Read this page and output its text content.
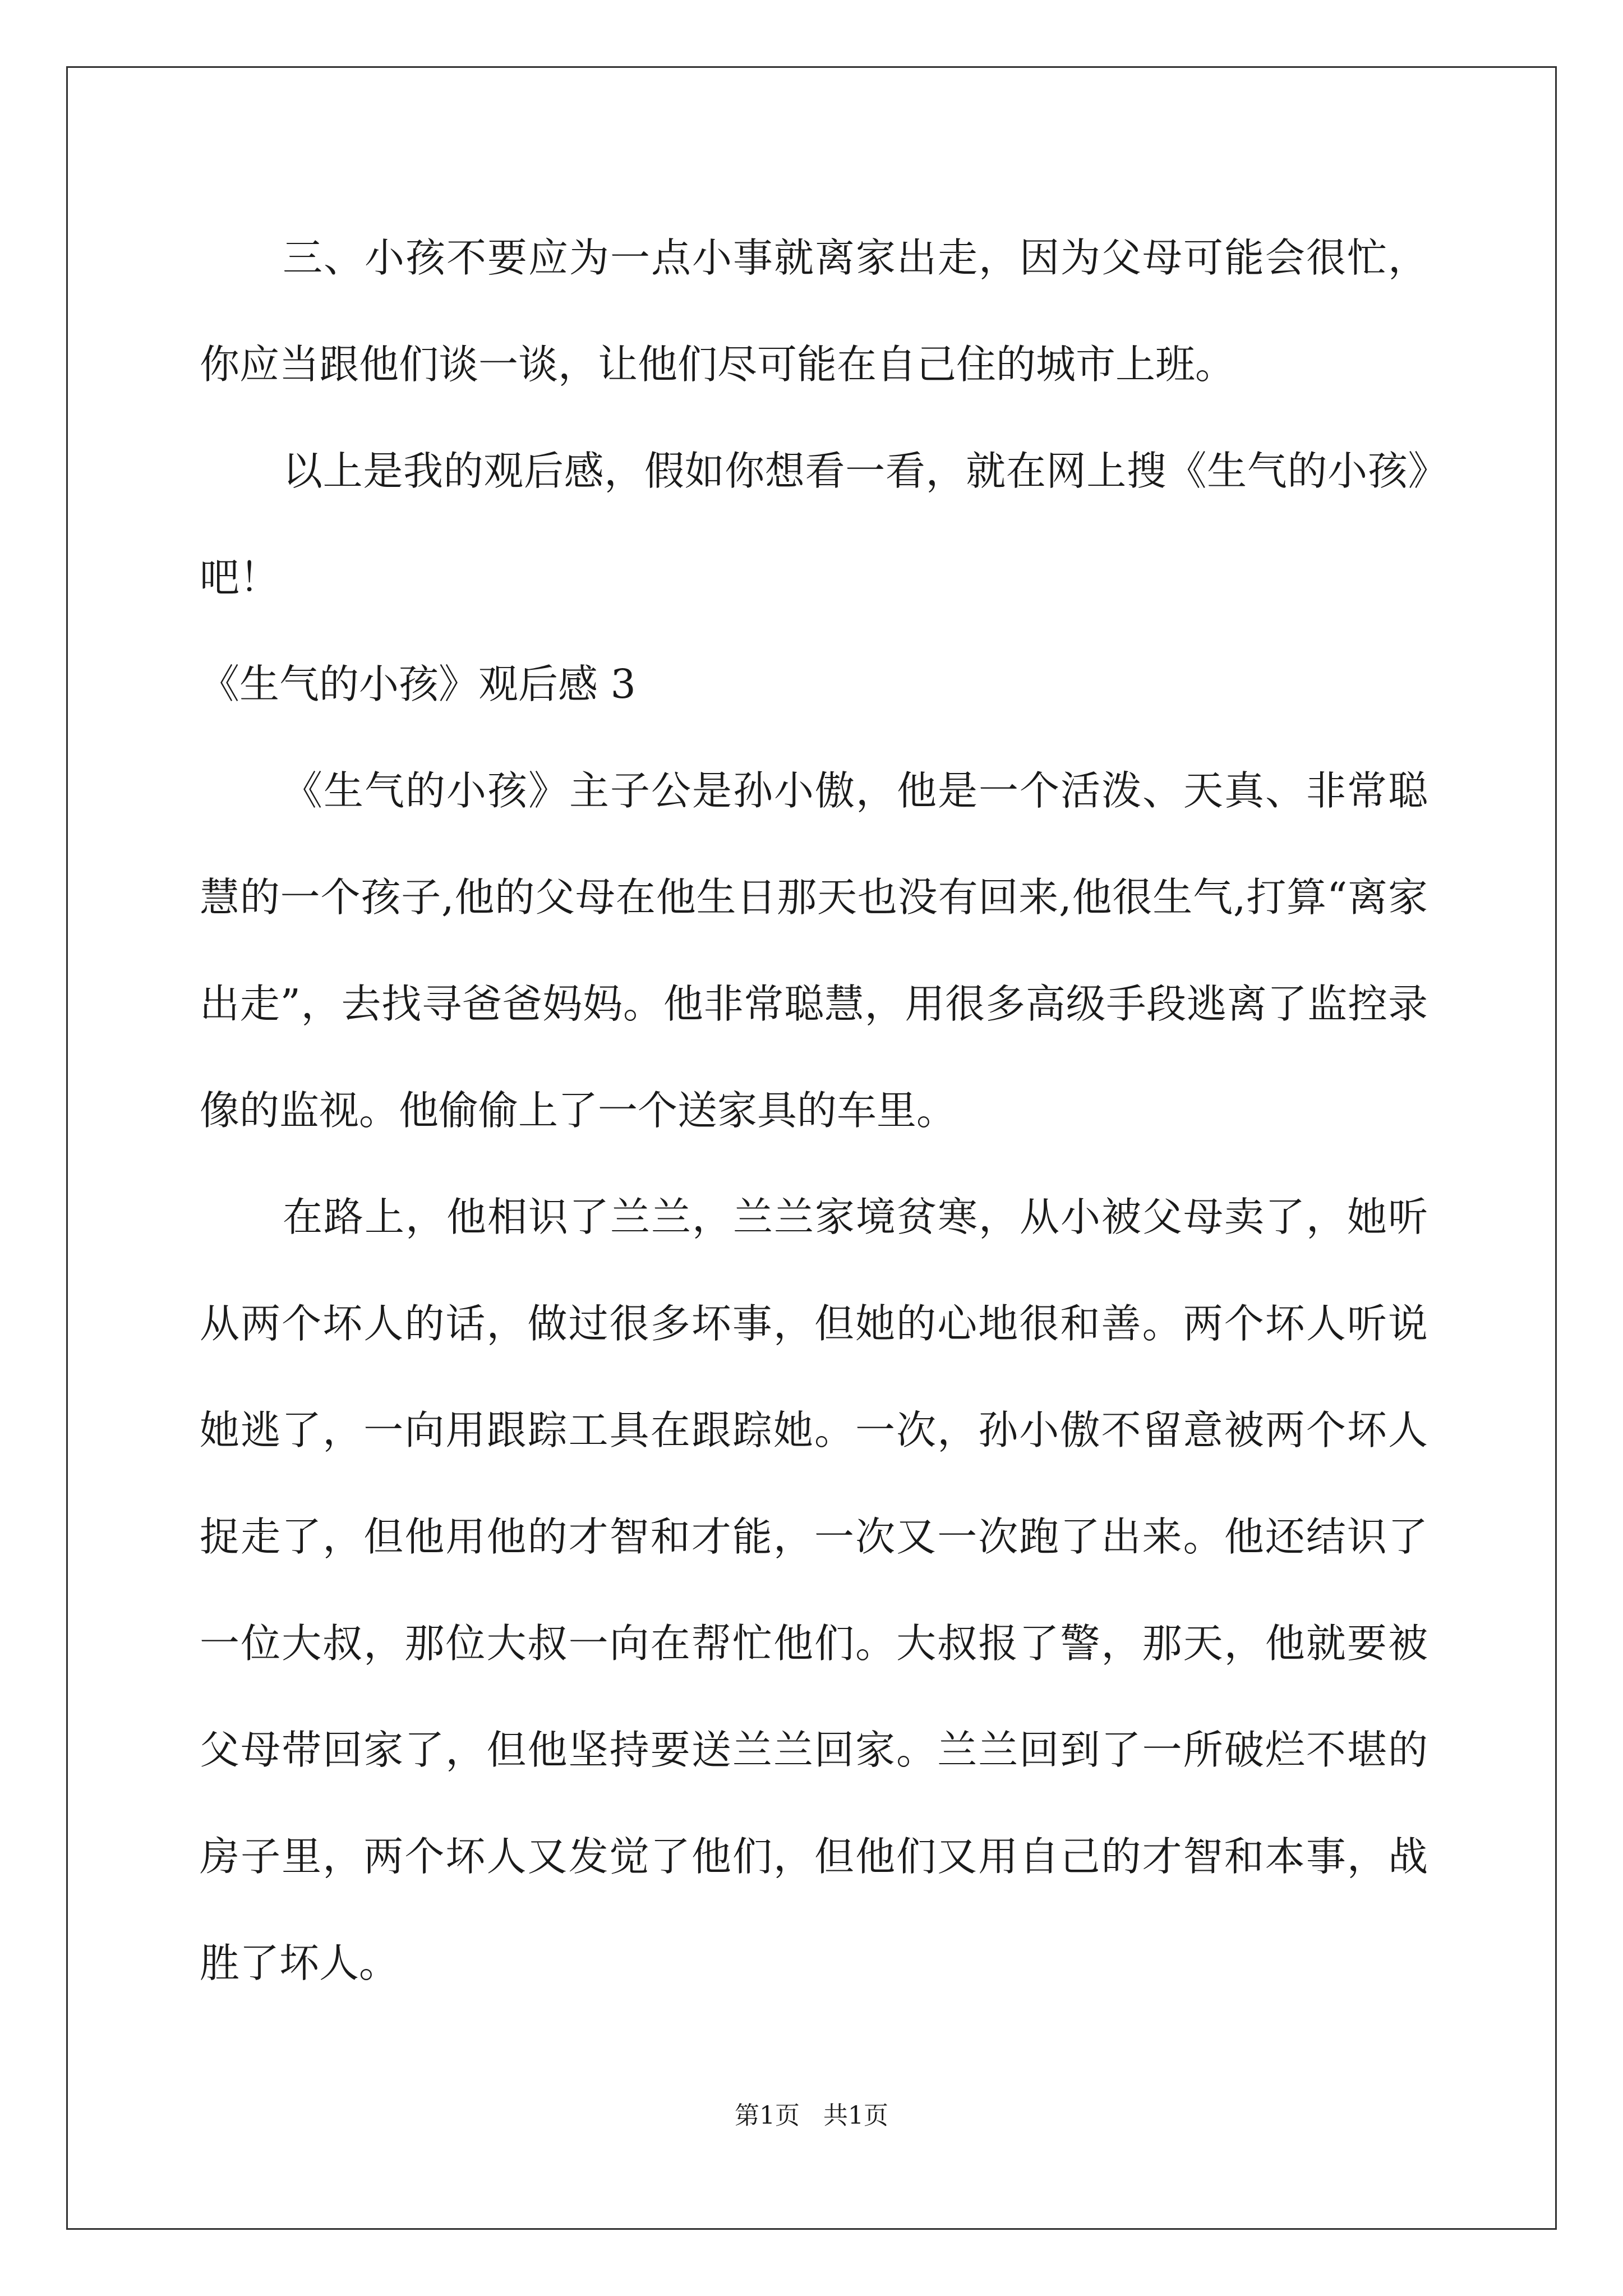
三、小孩不要应为一点小事就离家出走，因为父母可能会很忙，你应当跟他们谈一谈，让他们尽可能在自己住的城市上班。

以上是我的观后感，假如你想看一看，就在网上搜《生气的小孩》吧！

《生气的小孩》观后感 3

《生气的小孩》主子公是孙小傲，他是一个活泼、天真、非常聪慧的一个孩子,他的父母在他生日那天也没有回来,他很生气,打算“离家出走”，去找寻爸爸妈妈。他非常聪慧，用很多高级手段逃离了监控录像的监视。他偷偷上了一个送家具的车里。

在路上，他相识了兰兰，兰兰家境贫寒，从小被父母卖了，她听从两个坏人的话，做过很多坏事，但她的心地很和善。两个坏人听说她逃了，一向用跟踪工具在跟踪她。一次，孙小傲不留意被两个坏人捉走了，但他用他的才智和才能，一次又一次跑了出来。他还结识了一位大叔，那位大叔一向在帮忙他们。大叔报了警，那天，他就要被父母带回家了，但他坚持要送兰兰回家。兰兰回到了一所破烂不堪的房子里，两个坏人又发觉了他们，但他们又用自己的才智和本事，战胜了坏人。

第1页 共1页
